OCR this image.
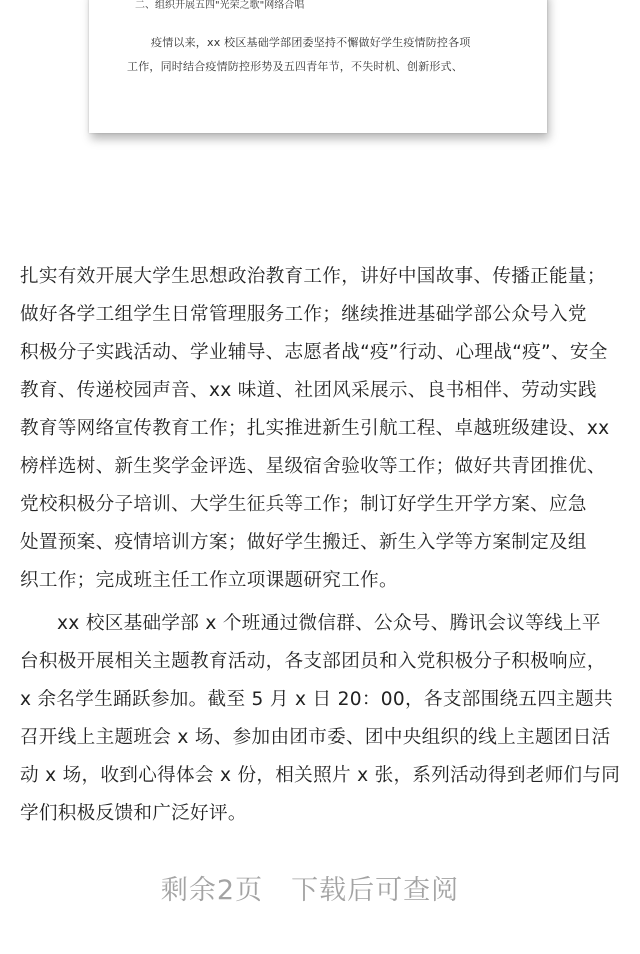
二、组织开展五四"光荣之歌"网络合唱
疫情以来，xx 校区基础学部团委坚持不懈做好学生疫情防控各项
工作，同时结合疫情防控形势及五四青年节，不失时机、创新形式、
扎实有效开展大学生思想政治教育工作，讲好中国故事、传播正能量；
做好各学工组学生日常管理服务工作；继续推进基础学部公众号入党
积极分子实践活动、学业辅导、志愿者战“疫”行动、心理战“疫”、安全
教育、传递校园声音、xx 味道、社团风采展示、良书相伴、劳动实践
教育等网络宣传教育工作；扎实推进新生引航工程、卓越班级建设、xx
榜样选树、新生奖学金评选、星级宿舍验收等工作；做好共青团推优、
党校积极分子培训、大学生征兵等工作；制订好学生开学方案、应急
处置预案、疫情培训方案；做好学生搬迁、新生入学等方案制定及组
织工作；完成班主任工作立项课题研究工作。
xx 校区基础学部 x 个班通过微信群、公众号、腾讯会议等线上平
台积极开展相关主题教育活动，各支部团员和入党积极分子积极响应，
x 余名学生踊跃参加。截至 5 月 x 日 20：00，各支部围绕五四主题共
召开线上主题班会 x 场、参加由团市委、团中央组织的线上主题团日活
动 x 场，收到心得体会 x 份，相关照片 x 张，系列活动得到老师们与同
学们积极反馈和广泛好评。
剩余2页 下载后可查阅
